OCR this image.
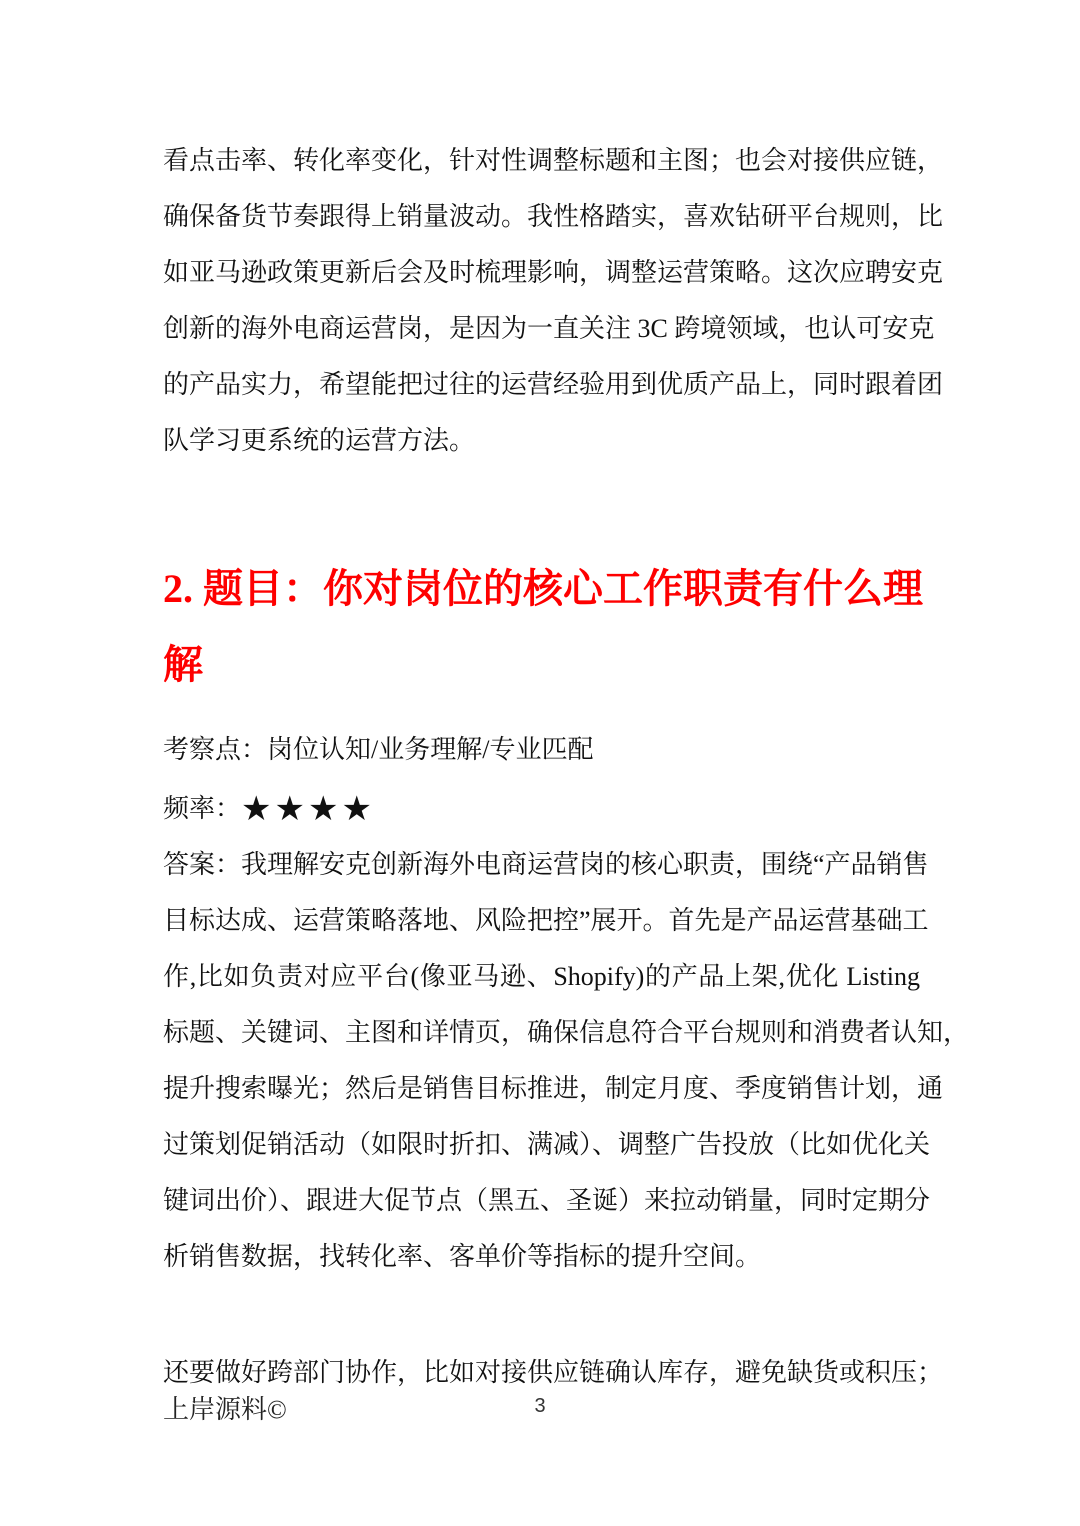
看点击率、转化率变化，针对性调整标题和主图；也会对接供应链，
确保备货节奏跟得上销量波动。我性格踏实，喜欢钻研平台规则，比
如亚马逊政策更新后会及时梳理影响，调整运营策略。这次应聘安克
创新的海外电商运营岗，是因为一直关注 3C 跨境领域，也认可安克
的产品实力，希望能把过往的运营经验用到优质产品上，同时跟着团
队学习更系统的运营方法。
2. 题目：你对岗位的核心工作职责有什么理
解
考察点：岗位认知/业务理解/专业匹配
频率：★★★★
答案：我理解安克创新海外电商运营岗的核心职责，围绕“产品销售
目标达成、运营策略落地、风险把控”展开。首先是产品运营基础工
作,比如负责对应平台(像亚马逊、Shopify)的产品上架,优化 Listing
标题、关键词、主图和详情页，确保信息符合平台规则和消费者认知，
提升搜索曝光；然后是销售目标推进，制定月度、季度销售计划，通
过策划促销活动（如限时折扣、满减）、调整广告投放（比如优化关
键词出价）、跟进大促节点（黑五、圣诞）来拉动销量，同时定期分
析销售数据，找转化率、客单价等指标的提升空间。
还要做好跨部门协作，比如对接供应链确认库存，避免缺货或积压；
上岸源料©	3
